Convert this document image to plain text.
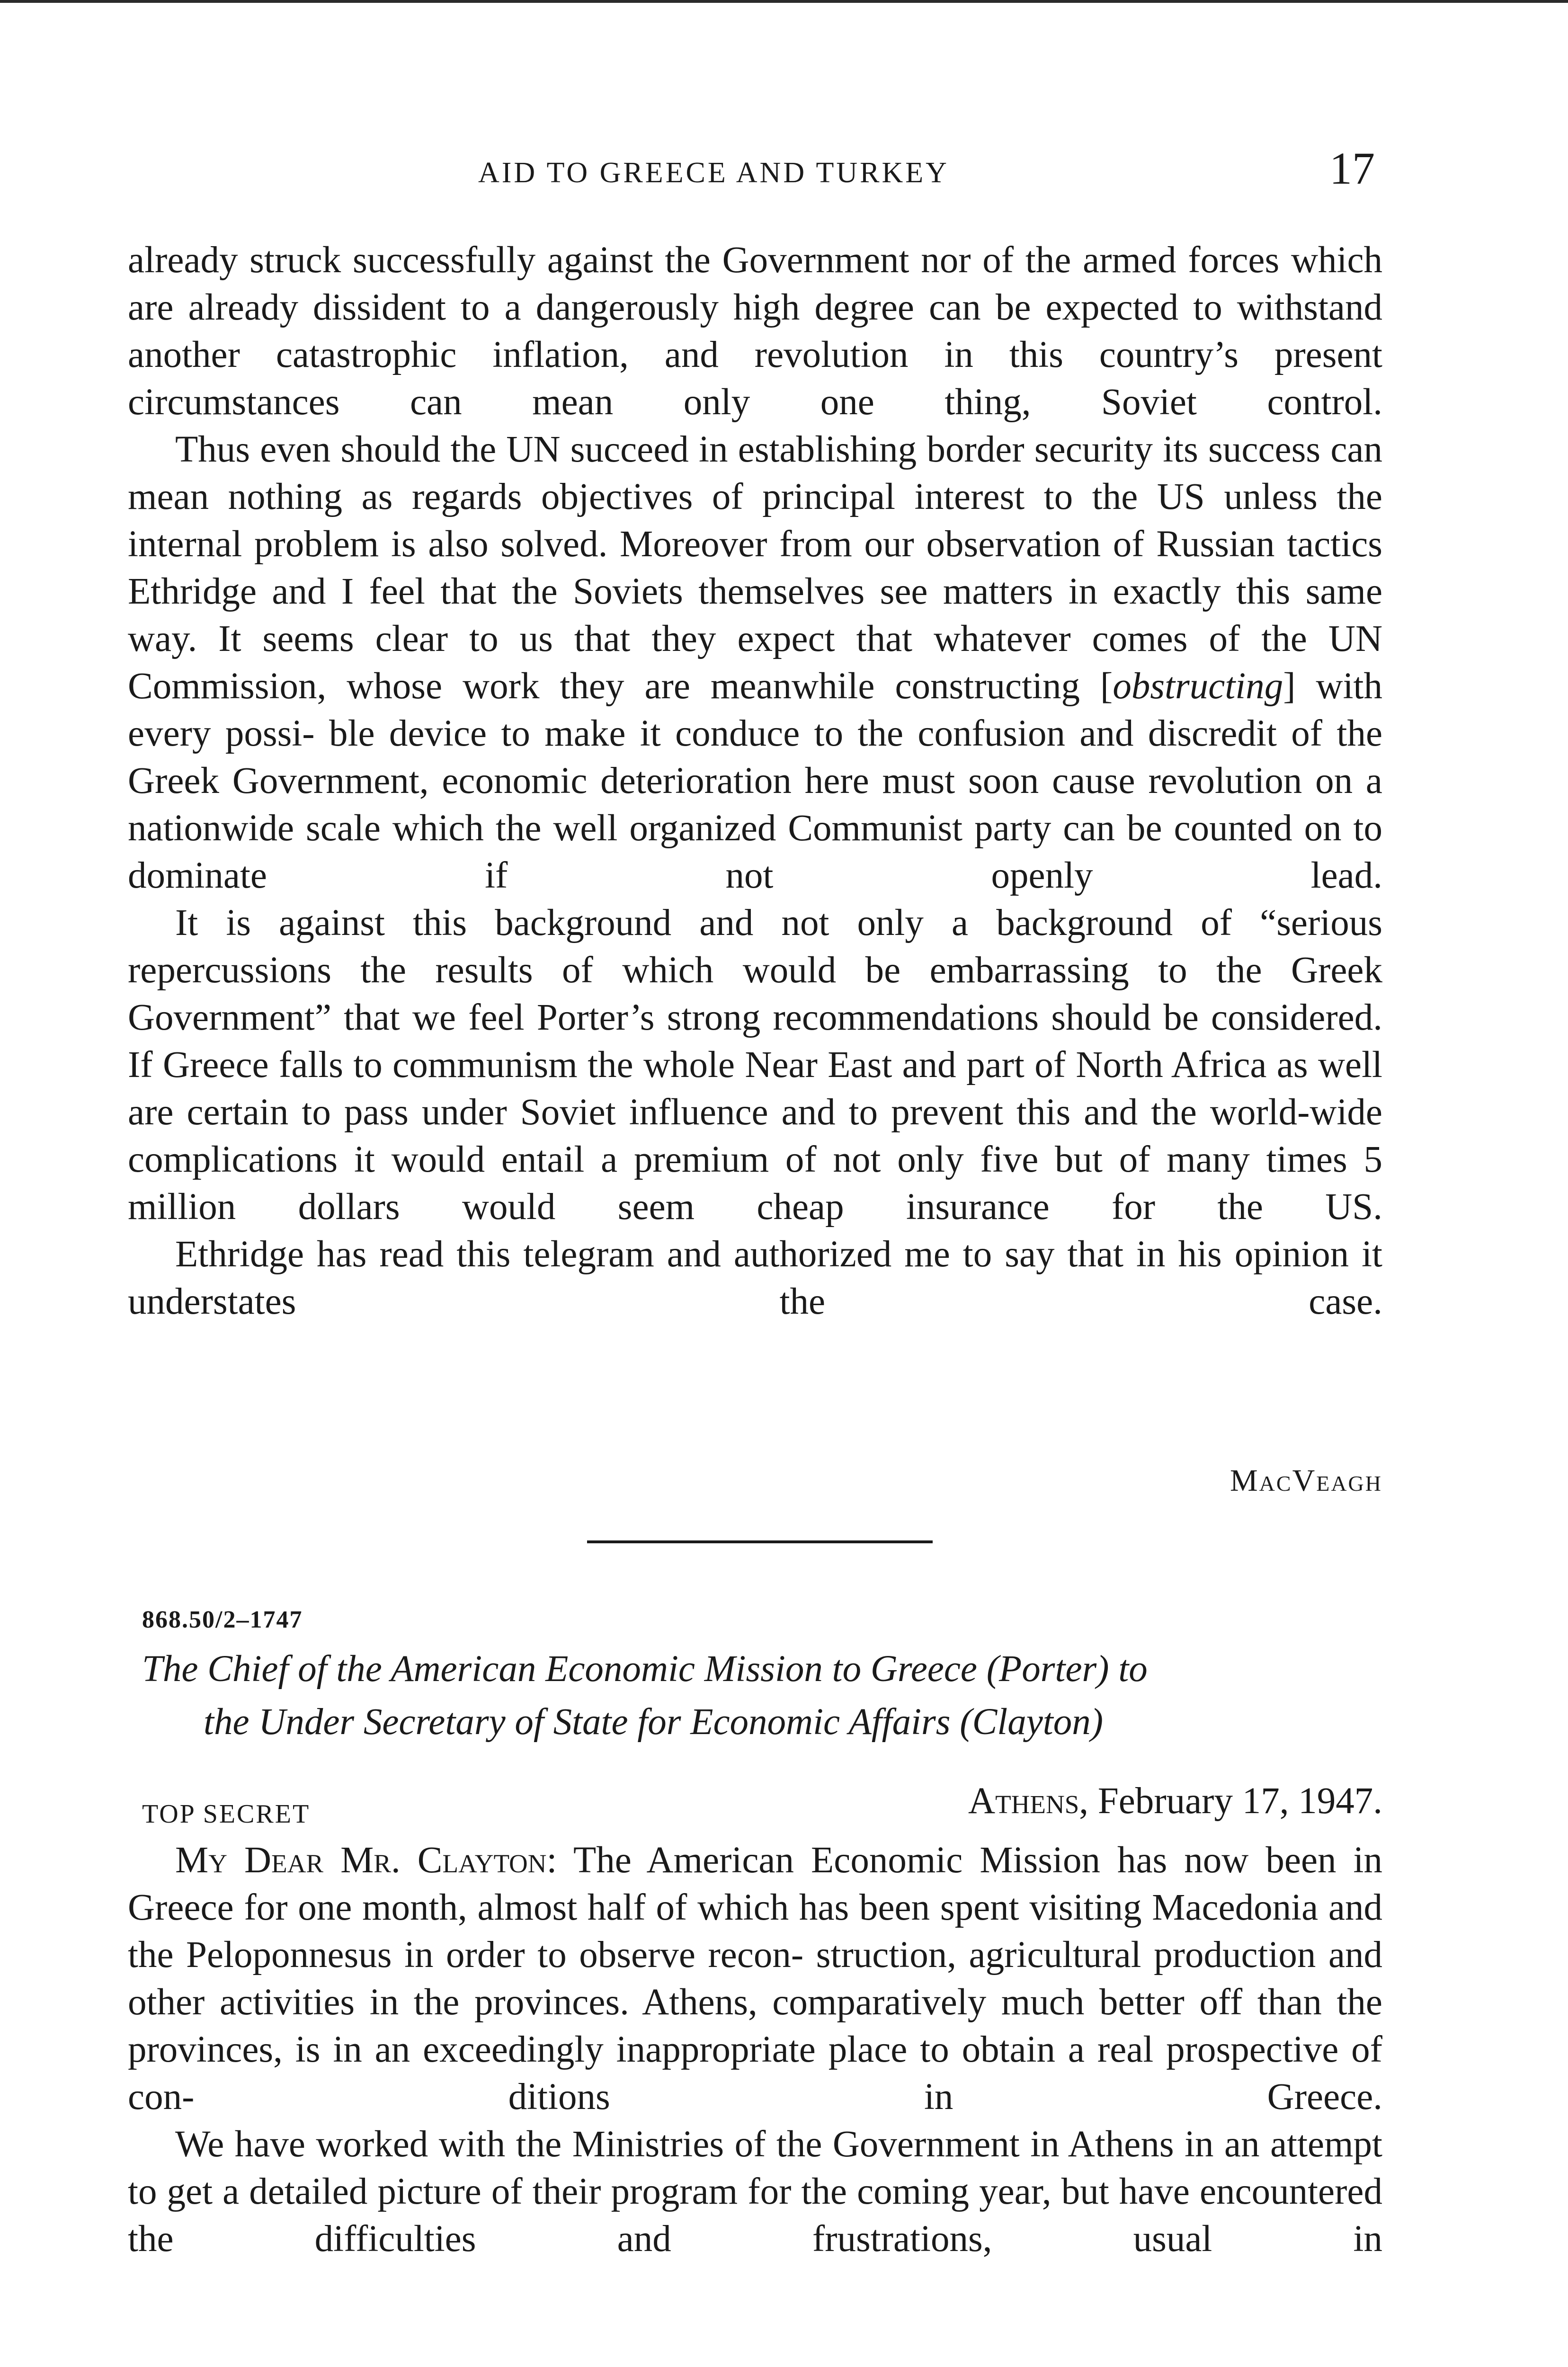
AID TO GREECE AND TURKEY	17

already struck successfully against the Government nor of the armed forces which are already dissident to a dangerously high degree can be expected to withstand another catastrophic inflation, and revolution in this country’s present circumstances can mean only one thing, Soviet control.

Thus even should the UN succeed in establishing border security its success can mean nothing as regards objectives of principal interest to the US unless the internal problem is also solved. Moreover from our observation of Russian tactics Ethridge and I feel that the Soviets themselves see matters in exactly this same way. It seems clear to us that they expect that whatever comes of the UN Commission, whose work they are meanwhile constructing [obstructing] with every possi- ble device to make it conduce to the confusion and discredit of the Greek Government, economic deterioration here must soon cause revolution on a nationwide scale which the well organized Communist party can be counted on to dominate if not openly lead.

It is against this background and not only a background of “serious repercussions the results of which would be embarrassing to the Greek Government” that we feel Porter’s strong recommendations should be considered. If Greece falls to communism the whole Near East and part of North Africa as well are certain to pass under Soviet influence and to prevent this and the world-wide complications it would entail a premium of not only five but of many times 5 million dollars would seem cheap insurance for the US.

Ethridge has read this telegram and authorized me to say that in his opinion it understates the case.

MacVeagh
868.50/2–1747
The Chief of the American Economic Mission to Greece (Porter) to
the Under Secretary of State for Economic Affairs (Clayton)
TOP SECRET	Athens, February 17, 1947.

My Dear Mr. Clayton: The American Economic Mission has now been in Greece for one month, almost half of which has been spent visiting Macedonia and the Peloponnesus in order to observe recon- struction, agricultural production and other activities in the provinces. Athens, comparatively much better off than the provinces, is in an exceedingly inappropriate place to obtain a real prospective of con-	ditions in Greece.

We have worked with the Ministries of the Government in Athens in an attempt to get a detailed picture of their program for the coming year, but have encountered the difficulties and frustrations, usual in
